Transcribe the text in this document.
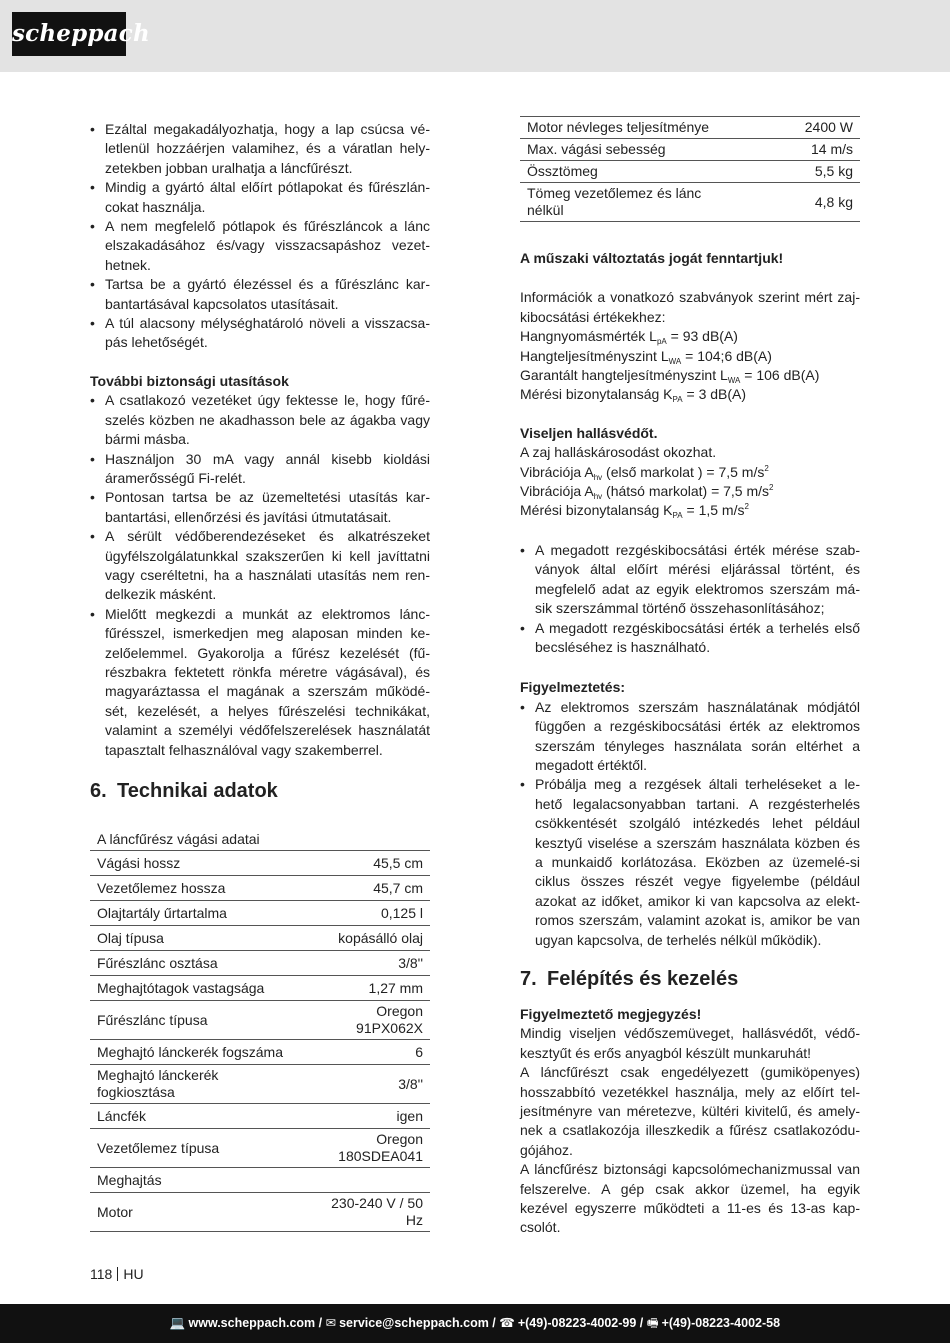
scheppach
• Ezáltal megakadályozhatja, hogy a lap csúcsa vé-letlenül hozzáérjen valamihez, és a váratlan hely-zetekben jobban uralhatja a láncfűrészt.
• Mindig a gyártó által előírt pótlapokat és fűrészlán-cokat használja.
• A nem megfelelő pótlapok és fűrészláncok a lánc elszakadásához és/vagy visszacsapáshoz vezet-hetnek.
• Tartsa be a gyártó élezéssel és a fűrészlánc kar-bantartásával kapcsolatos utasításait.
• A túl alacsony mélységhatároló növeli a visszacsa-pás lehetőségét.
További biztonsági utasítások
• A csatlakozó vezetéket úgy fektesse le, hogy fűré-szelés közben ne akadhasson bele az ágakba vagy bármi másba.
• Használjon 30 mA vagy annál kisebb kioldási áramerősségű Fi-relét.
• Pontosan tartsa be az üzemeltetési utasítás kar-bantartási, ellenőrzési és javítási útmutatásait.
• A sérült védőberendezéseket és alkatrészeket ügyfélszolgálatunkkal szakszerűen ki kell javíttatni vagy cseréltetni, ha a használati utasítás nem ren-delkezik másként.
• Mielőtt megkezdi a munkát az elektromos lánc-fűrésszel, ismerkedjen meg alaposan minden ke-zelőelemmel. Gyakorolja a fűrész kezelését (fű-részbakra fektetett rönkfa méretre vágásával), és magyaráztassa el magának a szerszám működé-sét, kezelését, a helyes fűrészelési technikákat, valamint a személyi védőfelszerelések használatát tapasztalt felhasználóval vagy szakemberrel.
6. Technikai adatok
A láncfűrész vágási adatai
Vágási hossz	45,5 cm
Vezetőlemez hossza	45,7 cm
Olajtartály űrtartalma	0,125 l
Olaj típusa	kopásálló olaj
Fűrészlánc osztása	3/8''
Meghajtótagok vastagsága	1,27 mm
Fűrészlánc típusa	Oregon
91PX062X
Meghajtó lánckerék fogszáma	6
Meghajtó lánckerék
fogkiosztása	3/8''
Láncfék	igen
Vezetőlemez típusa	Oregon
180SDEA041
Meghajtás	
Motor	230-240 V / 50
Hz
Motor névleges teljesítménye	2400 W
Max. vágási sebesség	14 m/s
Össztömeg	5,5 kg
Tömeg vezetőlemez és lánc
nélkül	4,8 kg
A műszaki változtatás jogát fenntartjuk!

Információk a vonatkozó szabványok szerint mért zaj-kibocsátási értékekhez:

Hangnyomásmérték $L_{pA} = 93$ dB(A)
Hangteljesítményszint $L_{WA}$ = 104;6 dB(A)
Garantált hangteljesítményszint $L_{WA} = 106$ dB(A)
Mérési bizonytalanság $K_{PA} = 3$ dB(A)
Viseljen hallásvédőt.
A zaj halláskárosodást okozhat.
Vibrációja $A_{hv}$ (első markolat ) = 7,5 $m/s^2$
Vibrációja $A_{hv}$ (hátsó markolat) = 7,5 $m/s^2$
Mérési bizonytalanság $K_{PA} = 1,5$ $m/s^2$
• A megadott rezgéskibocsátási érték mérése szab-ványok által előírt mérési eljárással történt, és megfelelő adat az egyik elektromos szerszám má-sik szerszámmal történő összehasonlításához;
• A megadott rezgéskibocsátási érték a terhelés első becsléséhez is használható.
Figyelmeztetés:
• Az elektromos szerszám használatának módjától függően a rezgéskibocsátási érték az elektromos szerszám tényleges használata során eltérhet a megadott értéktől.
• Próbálja meg a rezgések általi terheléseket a le-hető legalacsonyabban tartani. A rezgésterhelés csökkentését szolgáló intézkedés lehet például kesztyű viselése a szerszám használata közben és a munkaidő korlátozása. Eközben az üzemelé-si ciklus összes részét vegye figyelembe (például azokat az időket, amikor ki van kapcsolva az elekt-romos szerszám, valamint azokat is, amikor be van ugyan kapcsolva, de terhelés nélkül működik).
7. Felépítés és kezelés
Figyelmeztető megjegyzés!

Mindig viseljen védőszemüveget, hallásvédőt, védő-kesztyűt és erős anyagból készült munkaruhát!

A láncfűrészt csak engedélyezett (gumiköpenyes) hosszabbító vezetékkel használja, mely az előírt tel-jesítményre van méretezve, kültéri kivitelű, és amely-nek a csatlakozója illeszkedik a fűrész csatlakozódu-gójához.

A láncfűrész biztonsági kapcsolómechanizmussal van felszerelve. A gép csak akkor üzemel, ha egyik kezével egyszerre működteti a 11-es és 13-as kap-csolót.

118 HU
💻 www.scheppach.com / ✉ service@scheppach.com / ☎ +(49)-08223-4002-99 / 🖷 +(49)-08223-4002-58
